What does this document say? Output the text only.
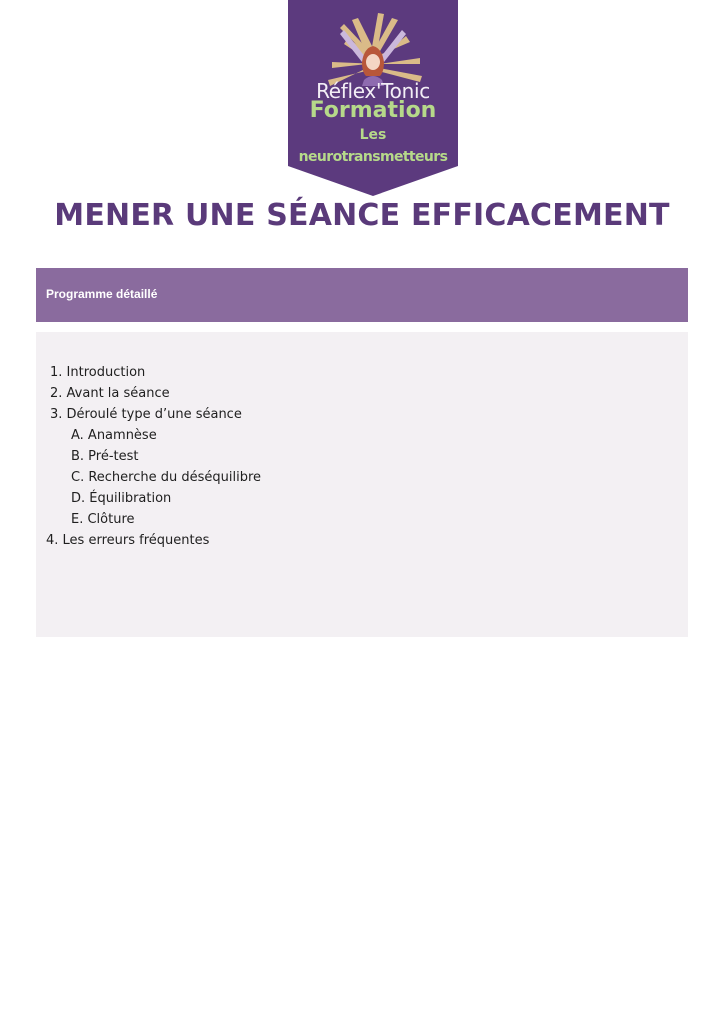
Réflex'Tonic
Formation
Les
neurotransmetteurs
MENER UNE SÉANCE EFFICACEMENT
Programme détaillé
1. Introduction
2. Avant la séance
3. Déroulé type d’une séance
A. Anamnèse
B. Pré-test
C. Recherche du déséquilibre
D. Équilibration
E. Clôture
4. Les erreurs fréquentes
